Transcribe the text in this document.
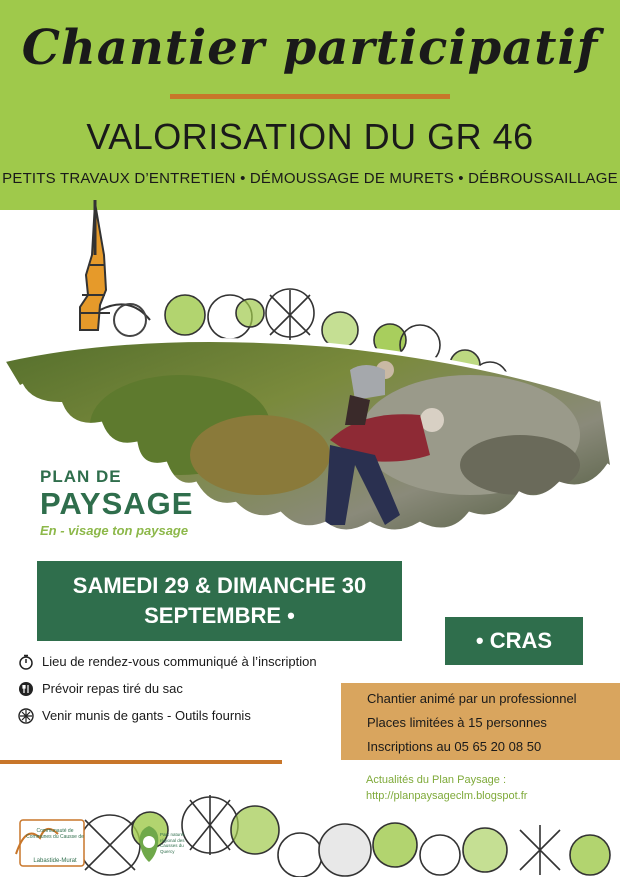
Chantier participatif
VALORISATION DU GR 46
PETITS TRAVAUX D’ENTRETIEN • DÉMOUSSAGE DE MURETS • DÉBROUSSAILLAGE
PLAN DE
PAYSAGE
En - visage ton paysage
SAMEDI 29 & DIMANCHE 30
SEPTEMBRE •
• CRAS
Lieu de rendez-vous communiqué à l’inscription
Prévoir repas tiré du sac
Venir munis de gants - Outils fournis
Chantier animé par un professionnel
Places limitées à 15 personnes
Inscriptions au 05 65 20 08 50
Actualités du Plan Paysage :
http://planpaysageclm.blogspot.fr
Communauté de Communes du Causse de
Labastide-Murat
Parc naturel régional des Causses du Quercy
